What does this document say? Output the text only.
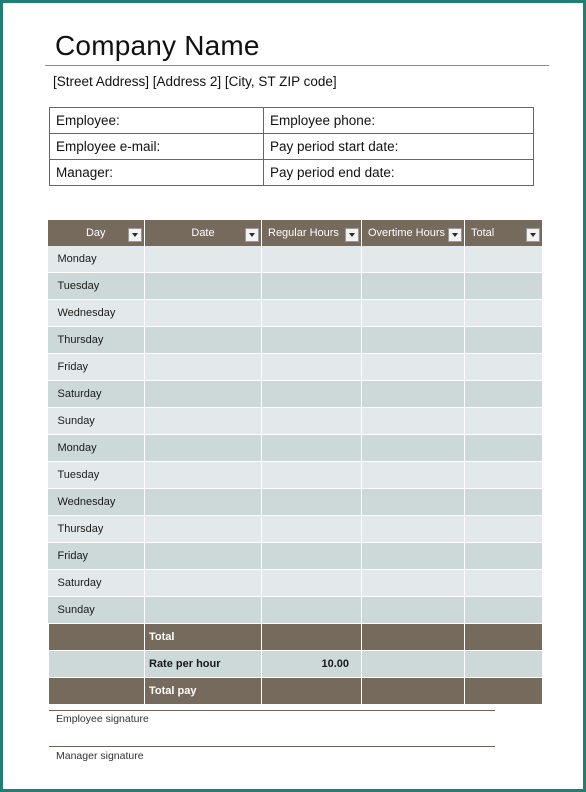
Company Name
[Street Address] [Address 2] [City, ST ZIP code]
Employee:	Employee phone:
Employee e-mail:	Pay period start date:
Manager:	Pay period end date:
Day	Date	Regular Hours	Overtime Hours	Total

Monday				
Tuesday				
Wednesday				
Thursday				
Friday				
Saturday				
Sunday				
Monday				
Tuesday				
Wednesday				
Thursday				
Friday				
Saturday				
Sunday				
	Total			
	Rate per hour	10.00		
	Total pay			
Employee signature
Manager signature
